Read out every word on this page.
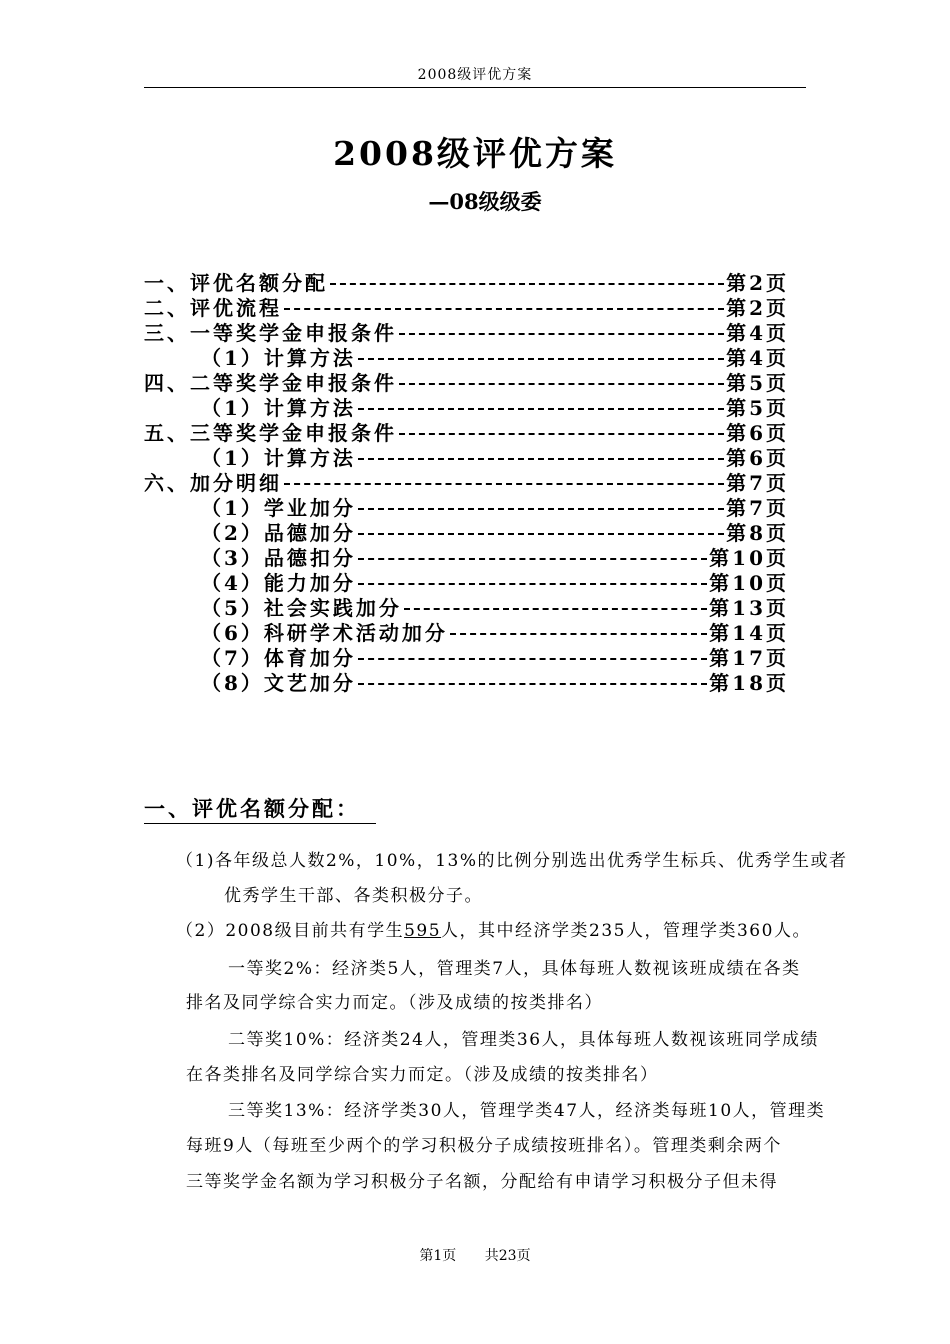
2008级评优方案
2008级评优方案
—08级级委
一、评优名额分配	第2页
二、评优流程	第2页
三、一等奖学金申报条件	第4页
（1）计算方法	第4页
四、二等奖学金申报条件	第5页
（1）计算方法	第5页
五、三等奖学金申报条件	第6页
（1）计算方法	第6页
六、加分明细	第7页
（1）学业加分	第7页
（2）品德加分	第8页
（3）品德扣分	第10页
（4）能力加分	第10页
（5）社会实践加分	第13页
（6）科研学术活动加分	第14页
（7）体育加分	第17页
（8）文艺加分	第18页
一、评优名额分配：
（1)各年级总人数2%，10%，13%的比例分别选出优秀学生标兵、优秀学生或者
优秀学生干部、各类积极分子。
（2）2008级目前共有学生595人，其中经济学类235人，管理学类360人。
一等奖2%：经济类5人，管理类7人，具体每班人数视该班成绩在各类
排名及同学综合实力而定。（涉及成绩的按类排名）
二等奖10%：经济类24人，管理类36人，具体每班人数视该班同学成绩
在各类排名及同学综合实力而定。（涉及成绩的按类排名）
三等奖13%：经济学类30人，管理学类47人，经济类每班10人，管理类
每班9人（每班至少两个的学习积极分子成绩按班排名）。管理类剩余两个
三等奖学金名额为学习积极分子名额，分配给有申请学习积极分子但未得
第1页 共23页
